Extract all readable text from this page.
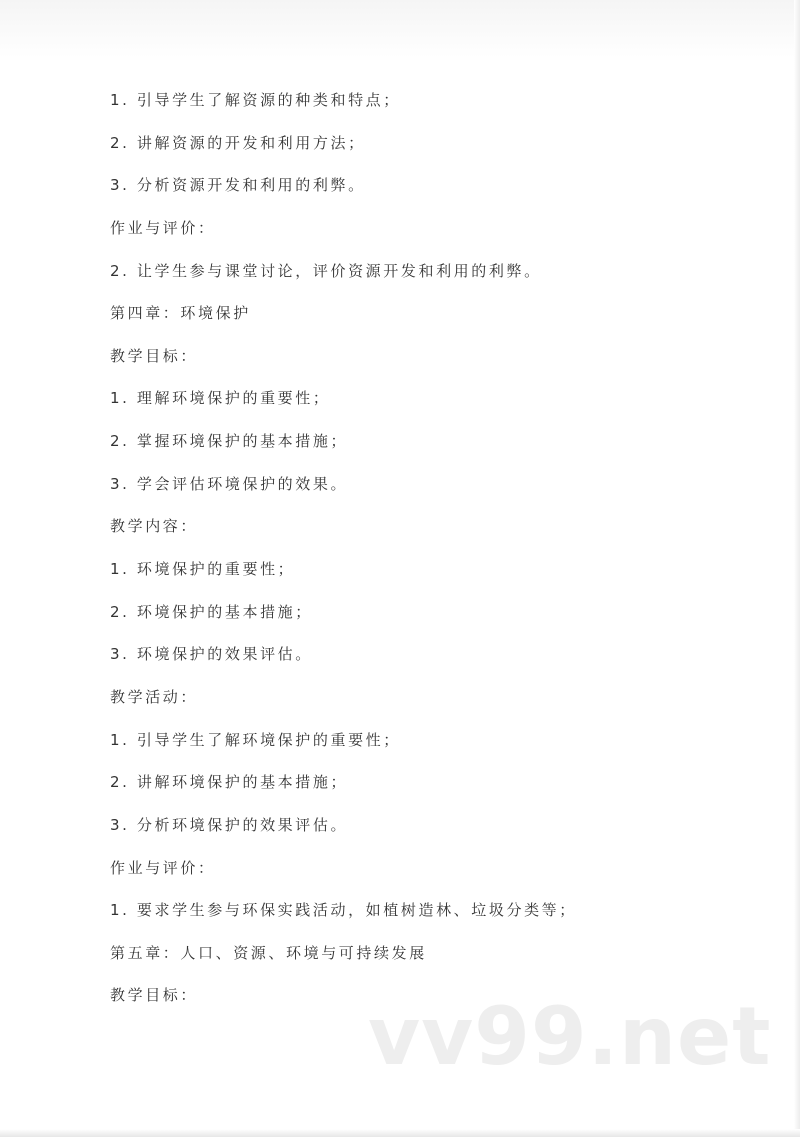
1. 引导学生了解资源的种类和特点；
2. 讲解资源的开发和利用方法；
3. 分析资源开发和利用的利弊。
作业与评价：
2. 让学生参与课堂讨论，评价资源开发和利用的利弊。
第四章：环境保护
教学目标：
1. 理解环境保护的重要性；
2. 掌握环境保护的基本措施；
3. 学会评估环境保护的效果。
教学内容：
1. 环境保护的重要性；
2. 环境保护的基本措施；
3. 环境保护的效果评估。
教学活动：
1. 引导学生了解环境保护的重要性；
2. 讲解环境保护的基本措施；
3. 分析环境保护的效果评估。
作业与评价：
1. 要求学生参与环保实践活动，如植树造林、垃圾分类等；
第五章：人口、资源、环境与可持续发展
教学目标：	vv99.net
